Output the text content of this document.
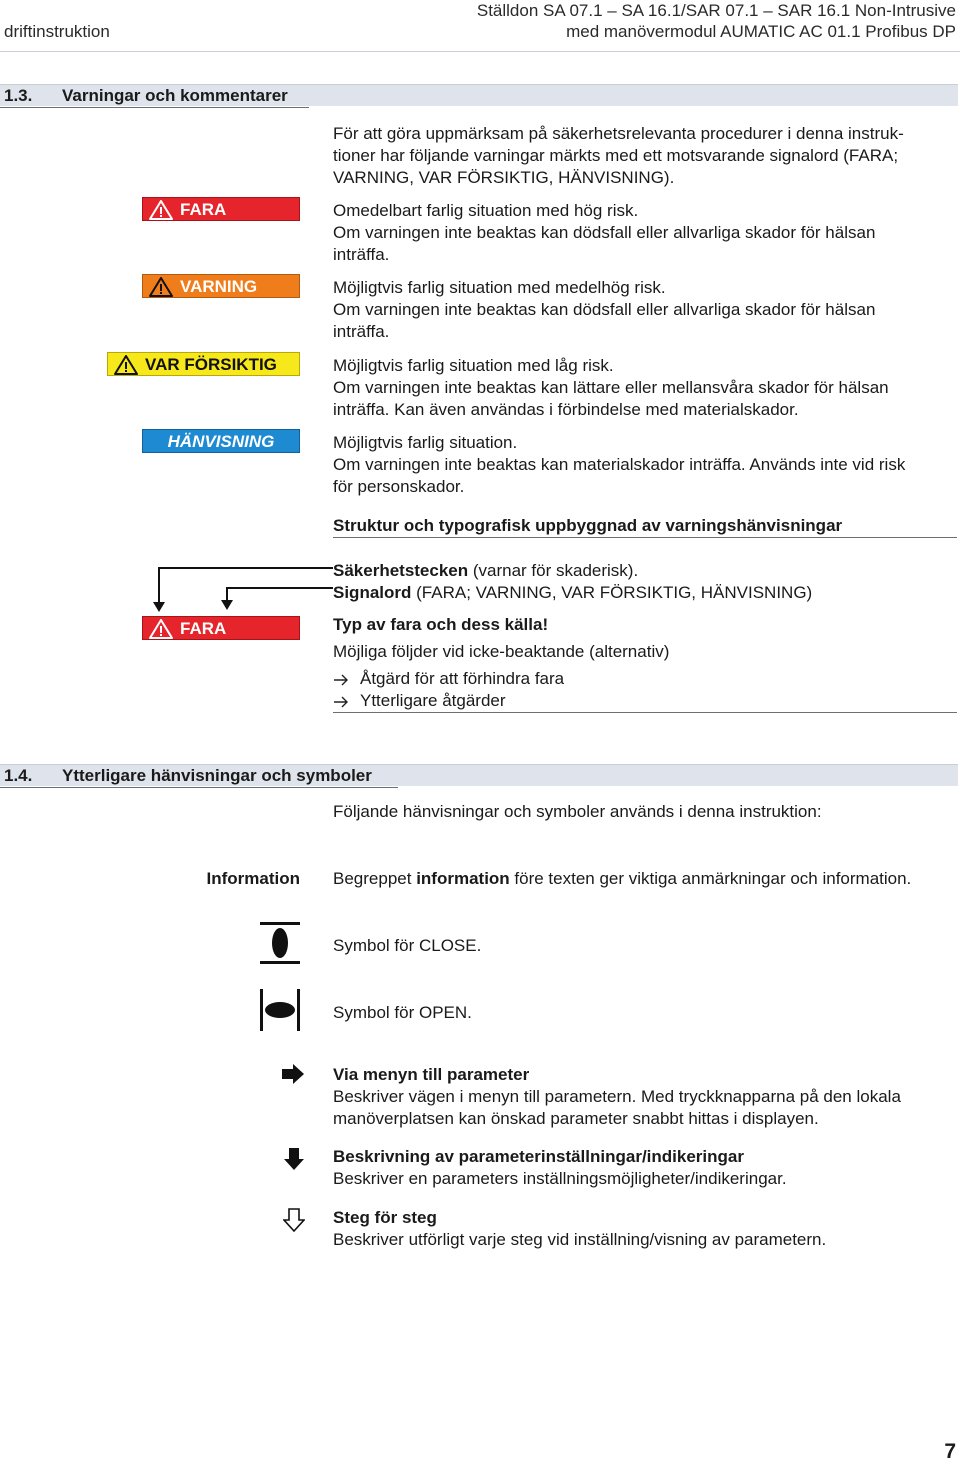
driftinstruktion
Ställdon SA 07.1 – SA 16.1/SAR 07.1 – SAR 16.1 Non-Intrusive
med manövermodul AUMATIC AC 01.1 Profibus DP
1.3. Varningar och kommentarer

För att göra uppmärksam på säkerhetsrelevanta procedurer i denna instruk-

tioner har följande varningar märkts med ett motsvarande signalord (FARA;

VARNING, VAR FÖRSIKTIG, HÄNVISNING).

FARA	Omedelbart farlig situation med hög risk.

Om varningen inte beaktas kan dödsfall eller allvarliga skador för hälsan

inträffa.

VARNING	Möjligtvis farlig situation med medelhög risk.

Om varningen inte beaktas kan dödsfall eller allvarliga skador för hälsan

inträffa.

VAR FÖRSIKTIG	Möjligtvis farlig situation med låg risk.

Om varningen inte beaktas kan lättare eller mellansvåra skador för hälsan

inträffa. Kan även användas i förbindelse med materialskador.

HÄNVISNING	Möjligtvis farlig situation.

Om varningen inte beaktas kan materialskador inträffa. Används inte vid risk

för personskador.

Struktur och typografisk uppbyggnad av varningshänvisningar
FARA

Säkerhetstecken (varnar för skaderisk).

Signalord (FARA; VARNING, VAR FÖRSIKTIG, HÄNVISNING)

Typ av fara och dess källa!

Möjliga följder vid icke-beaktande (alternativ)

Åtgärd för att förhindra fara

Ytterligare åtgärder

1.4. Ytterligare hänvisningar och symboler
Följande hänvisningar och symboler används i denna instruktion:
Information Begreppet information före texten ger viktiga anmärkningar och information.
Symbol för CLOSE.
Symbol för OPEN.

Via menyn till parameter

Beskriver vägen i menyn till parametern. Med tryckknapparna på den lokala

manöverplatsen kan önskad parameter snabbt hittas i displayen.

Beskrivning av parameterinställningar/indikeringar

Beskriver en parameters inställningsmöjligheter/indikeringar.

Steg för steg

Beskriver utförligt varje steg vid inställning/visning av parametern.

7
